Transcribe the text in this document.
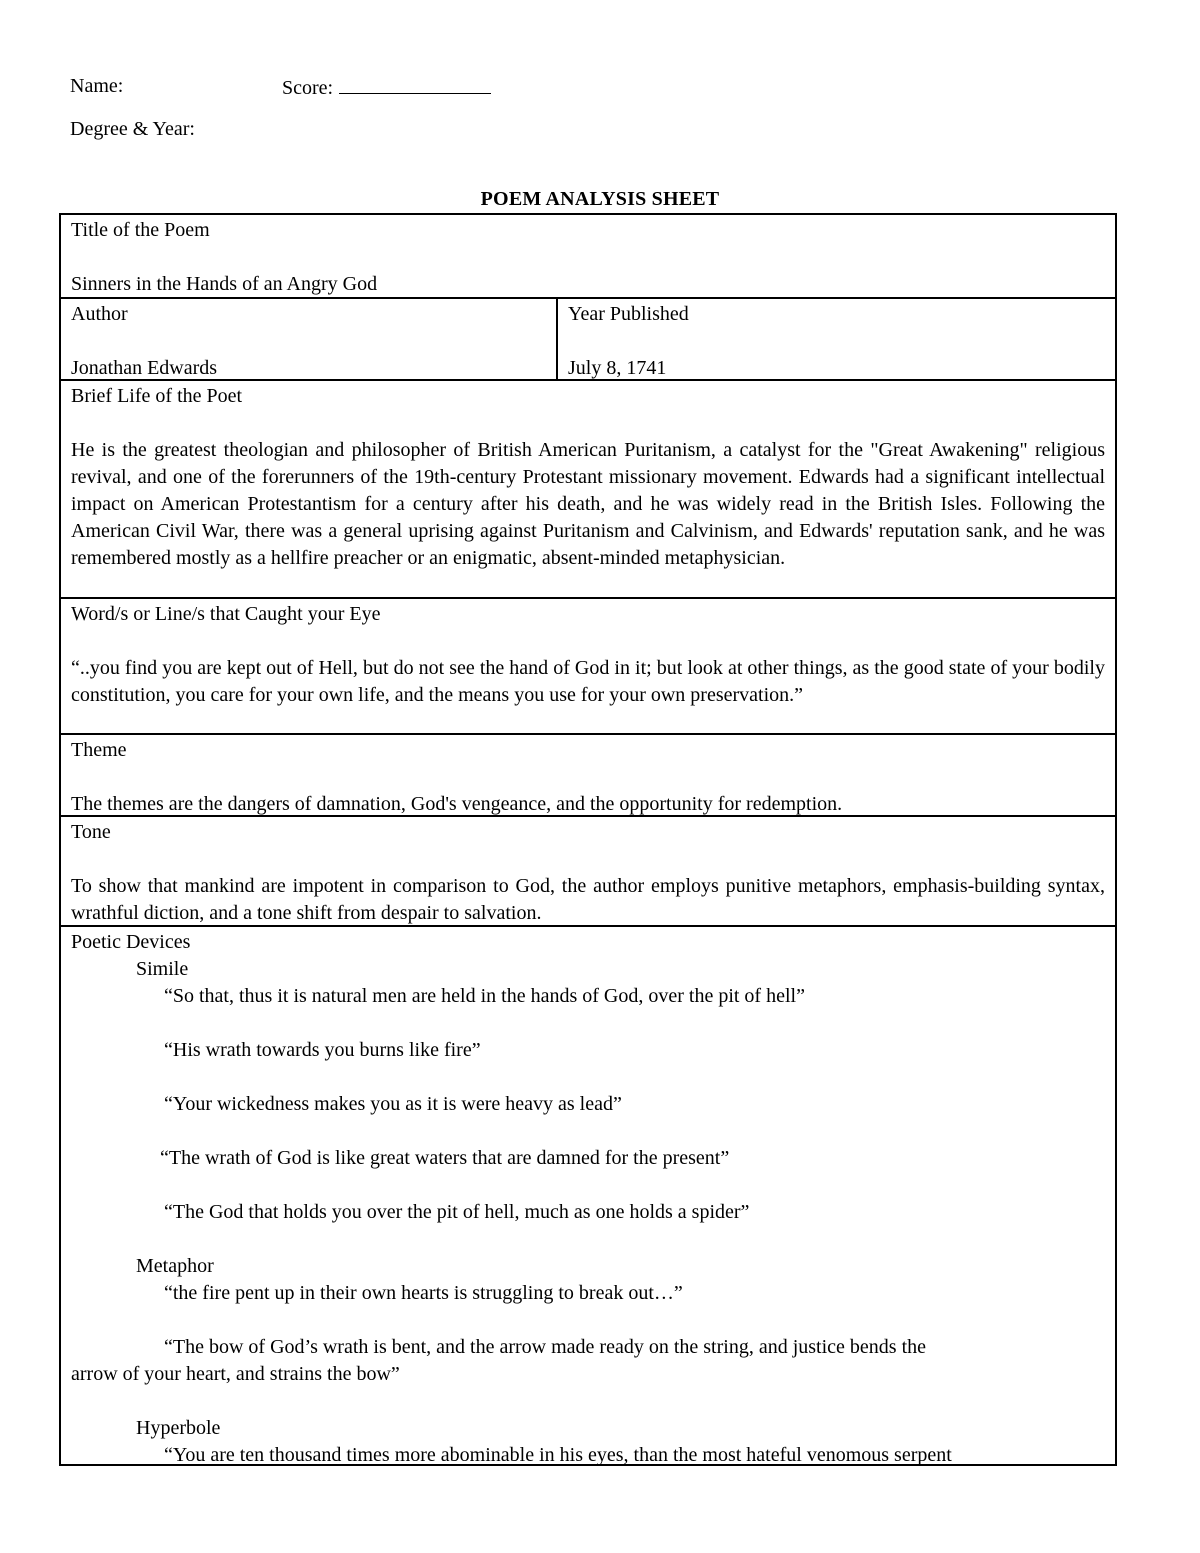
Name:	Score:
Degree & Year:
POEM ANALYSIS SHEET
Title of the Poem
Sinners in the Hands of an Angry God
Author
Jonathan Edwards
Year Published
July 8, 1741
Brief Life of the Poet
He is the greatest theologian and philosopher of British American Puritanism, a catalyst for the "Great Awakening" religious revival, and one of the forerunners of the 19th-century Protestant missionary movement. Edwards had a significant intellectual impact on American Protestantism for a century after his death, and he was widely read in the British Isles. Following the American Civil War, there was a general uprising against Puritanism and Calvinism, and Edwards' reputation sank, and he was remembered mostly as a hellfire preacher or an enigmatic, absent-minded metaphysician.
Word/s or Line/s that Caught your Eye
“..you find you are kept out of Hell, but do not see the hand of God in it; but look at other things, as the good state of your bodily constitution, you care for your own life, and the means you use for your own preservation.”
Theme
The themes are the dangers of damnation, God's vengeance, and the opportunity for redemption.
Tone
To show that mankind are impotent in comparison to God, the author employs punitive metaphors, emphasis-building syntax, wrathful diction, and a tone shift from despair to salvation.
Poetic Devices
Simile
“So that, thus it is natural men are held in the hands of God, over the pit of hell”
“His wrath towards you burns like fire”
“Your wickedness makes you as it is were heavy as lead”
“The wrath of God is like great waters that are damned for the present”
“The God that holds you over the pit of hell, much as one holds a spider”
Metaphor
“the fire pent up in their own hearts is struggling to break out…”
“The bow of God’s wrath is bent, and the arrow made ready on the string, and justice bends the
arrow of your heart, and strains the bow”
Hyperbole
“You are ten thousand times more abominable in his eyes, than the most hateful venomous serpent
